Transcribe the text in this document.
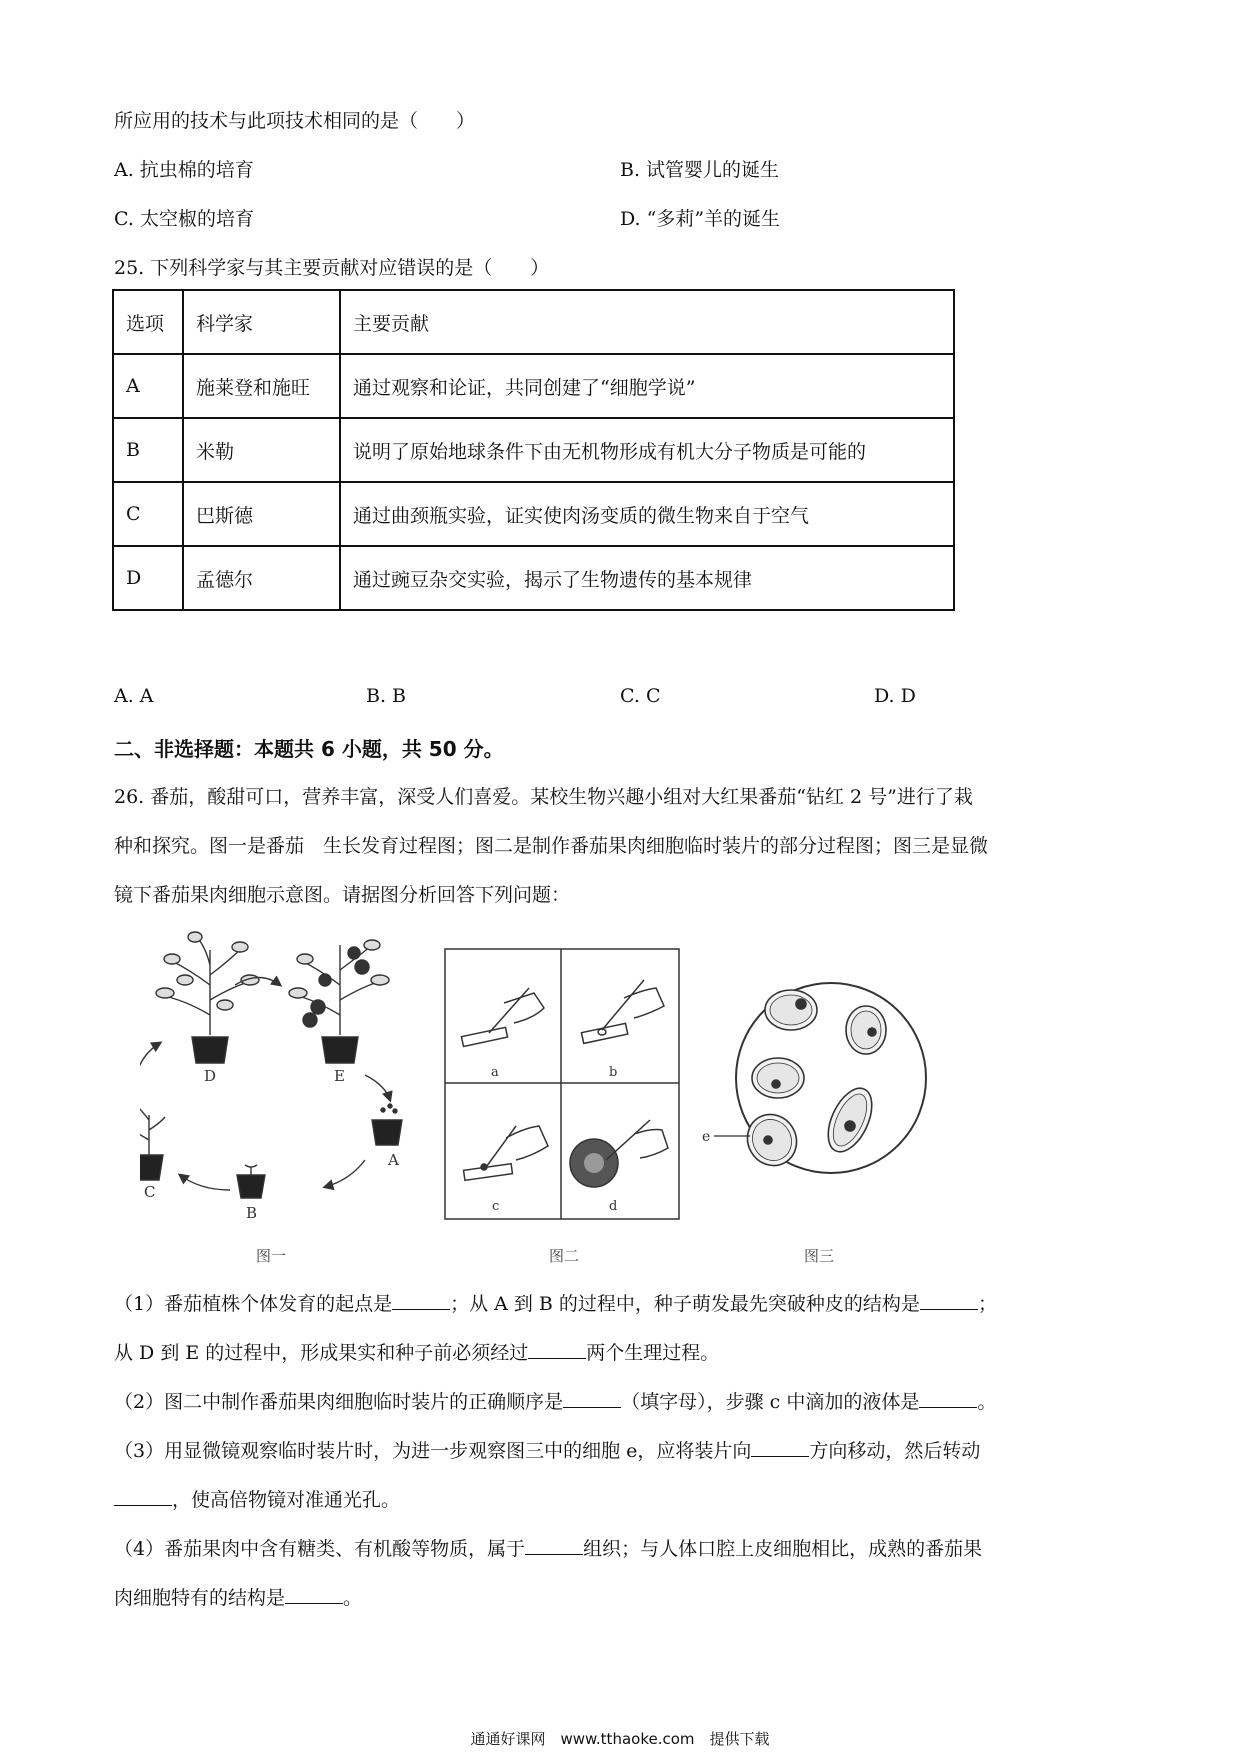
所应用的技术与此项技术相同的是（　　）
A. 抗虫棉的培育	B. 试管婴儿的诞生
C. 太空椒的培育	D. “多莉”羊的诞生
25. 下列科学家与其主要贡献对应错误的是（　　）
选项	科学家	主要贡献
A	施莱登和施旺	通过观察和论证，共同创建了“细胞学说”
B	米勒	说明了原始地球条件下由无机物形成有机大分子物质是可能的
C	巴斯德	通过曲颈瓶实验，证实使肉汤变质的微生物来自于空气
D	孟德尔	通过豌豆杂交实验，揭示了生物遗传的基本规律
A. A	B. B	C. C	D. D
二、非选择题：本题共 6 小题，共 50 分。
26. 番茄，酸甜可口，营养丰富，深受人们喜爱。某校生物兴趣小组对大红果番茄“钻红 2 号”进行了栽
种和探究。图一是番茄　生长发育过程图；图二是制作番茄果肉细胞临时装片的部分过程图；图三是显微
镜下番茄果肉细胞示意图。请据图分析回答下列问题：
A
B
C
D	E
图一
a	b
c	d
图二
e
图三
（1）番茄植株个体发育的起点是	；从 A 到 B 的过程中，种子萌发最先突破种皮的结构是	；
从 D 到 E 的过程中，形成果实和种子前必须经过	两个生理过程。
（2）图二中制作番茄果肉细胞临时装片的正确顺序是	（填字母），步骤 c 中滴加的液体是	。
（3）用显微镜观察临时装片时，为进一步观察图三中的细胞 e，应将装片向	方向移动，然后转动
，使高倍物镜对准通光孔。
（4）番茄果肉中含有糖类、有机酸等物质，属于	组织；与人体口腔上皮细胞相比，成熟的番茄果
肉细胞特有的结构是	。
通通好课网　www.tthaoke.com　提供下载
